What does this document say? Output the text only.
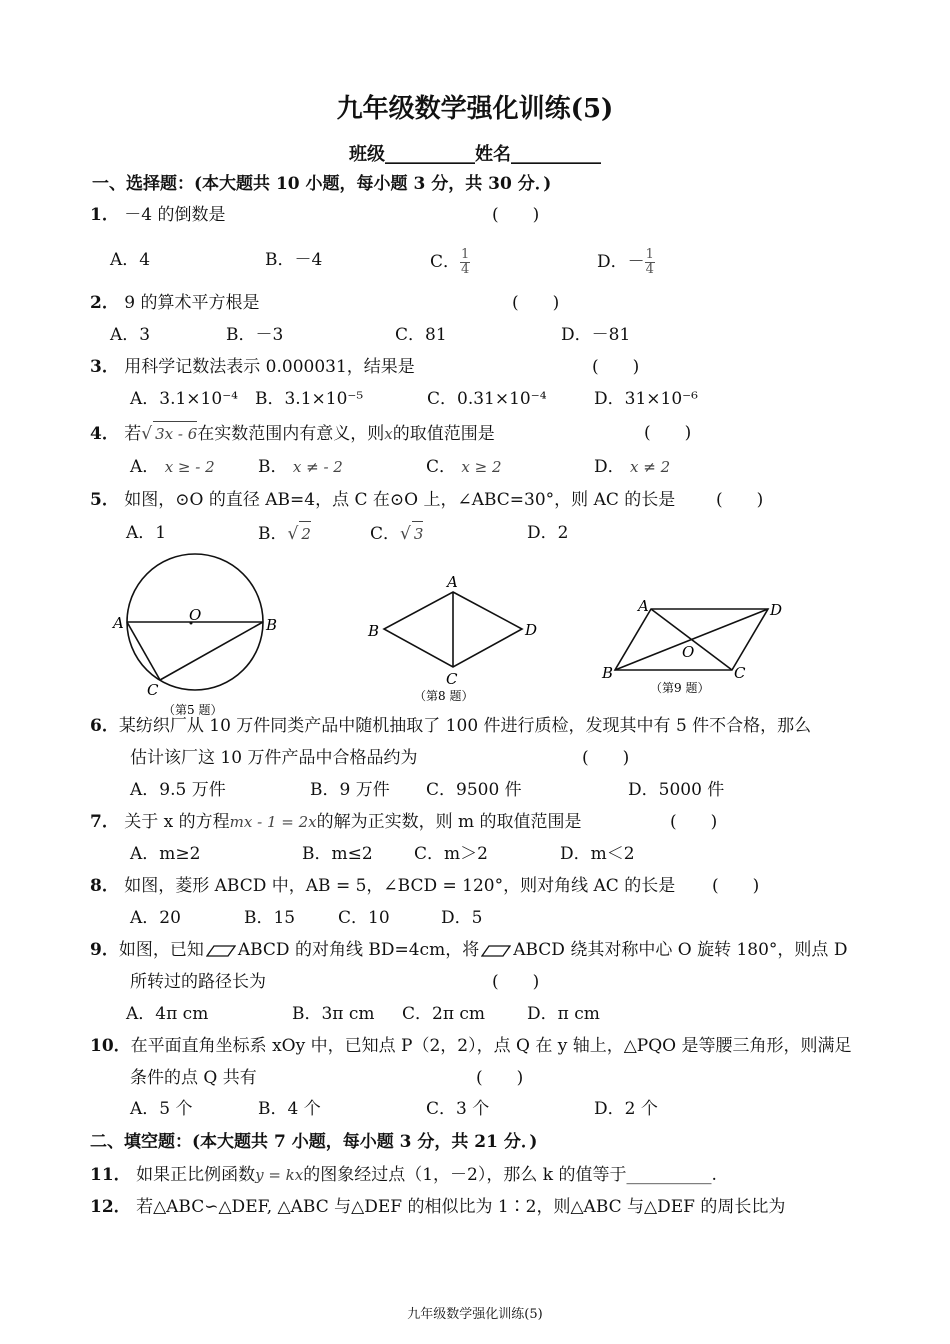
九年级数学强化训练(5)
班级__________姓名__________
一、选择题：(本大题共 10 小题，每小题 3 分，共 30 分．)
1． －4 的倒数是	(　　)
A．4	B．－4	C． $\frac{1}{4}$	D．－ $\frac{1}{4}$
2． 9 的算术平方根是	(　　)
A．3	B．－3	C．81	D．－81
3． 用科学记数法表示 0.000031，结果是	(　　)
A．3.1×10⁻⁴ B．3.1×10⁻⁵	C．0.31×10⁻⁴	D．31×10⁻⁶
4． 若√ 3x - 6在实数范围内有意义，则x的取值范围是	(　　)
A． x ≥ - 2	B． x ≠ - 2	C． x ≥ 2	D． x ≠ 2
5． 如图，⊙O 的直径 AB=4，点 C 在⊙O 上，∠ABC=30°，则 AC 的长是 (　　)
A．1	B．√ 2	C．√ 3	D．2
A	B
O
C
（第5 题）
A
B	D
C
（第8 题）
A	D
B	C
O
（第9 题）
6．某纺织厂从 10 万件同类产品中随机抽取了 100 件进行质检，发现其中有 5 件不合格，那么
估计该厂这 10 万件产品中合格品约为	(　　)
A．9.5 万件	B．9 万件 C．9500 件	D．5000 件
7． 关于 x 的方程mx - 1 = 2x的解为正实数，则 m 的取值范围是	(　　)
A．m≥2	B．m≤2 C．m＞2	D．m＜2
8． 如图，菱形 ABCD 中，AB = 5，∠BCD = 120°，则对角线 AC 的长是 (　　)
A．20	B．15	C．10	D．5
9．如图，已知 ABCD 的对角线 BD=4cm，将 ABCD 绕其对称中心 O 旋转 180°，则点 D
所转过的路径长为	(　　)
A．4π cm	B．3π cm C．2π cm D．π cm
10．在平面直角坐标系 xOy 中，已知点 P（2，2），点 Q 在 y 轴上，△PQO 是等腰三角形，则满足
条件的点 Q 共有	(　　)
A．5 个	B．4 个	C．3 个	D．2 个
二、填空题：(本大题共 7 小题，每小题 3 分，共 21 分．)
11． 如果正比例函数y = kx的图象经过点（1，－2），那么 k 的值等于__________.
12． 若△ABC∽△DEF, △ABC 与△DEF 的相似比为 1∶2，则△ABC 与△DEF 的周长比为
九年级数学强化训练(5)
